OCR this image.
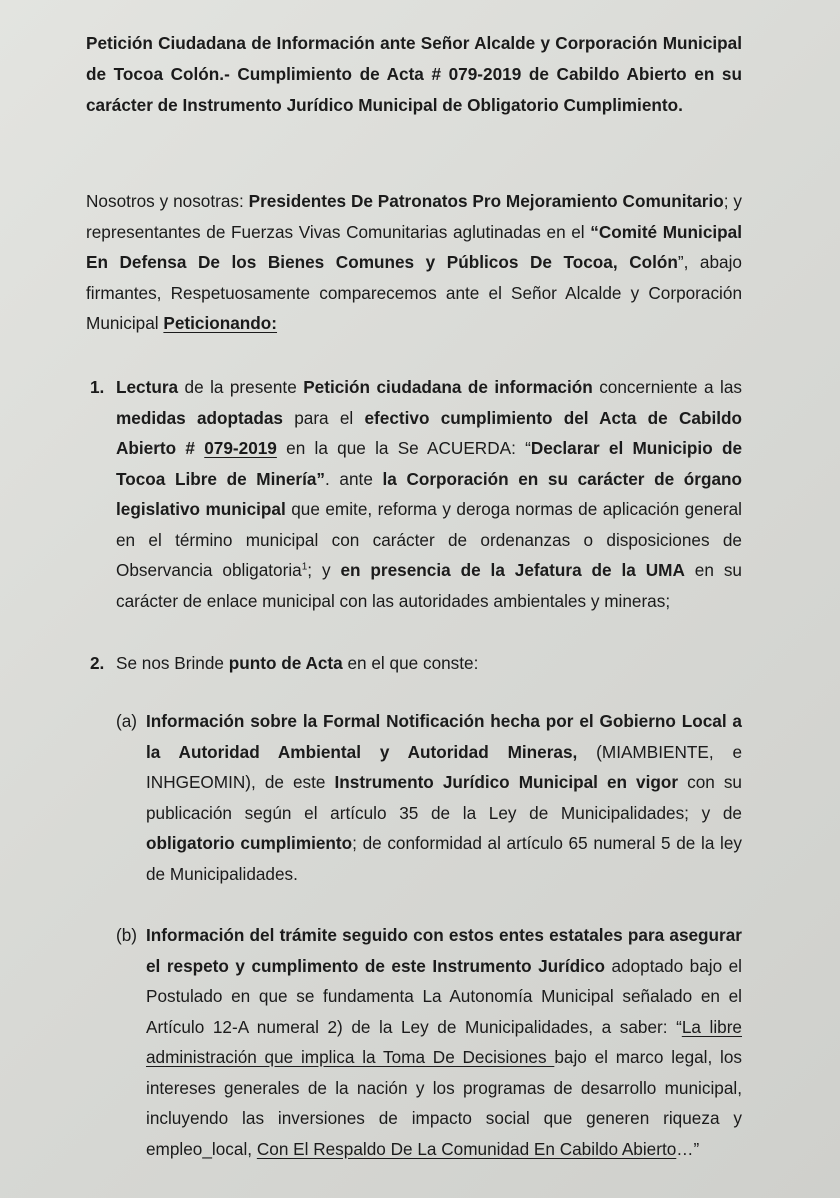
Petición Ciudadana de Información ante Señor Alcalde y Corporación Municipal de Tocoa Colón.- Cumplimiento de Acta # 079-2019 de Cabildo Abierto en su carácter de Instrumento Jurídico Municipal de Obligatorio Cumplimiento.
Nosotros y nosotras: Presidentes De Patronatos Pro Mejoramiento Comunitario; y representantes de Fuerzas Vivas Comunitarias aglutinadas en el “Comité Municipal En Defensa De los Bienes Comunes y Públicos De Tocoa, Colón”, abajo firmantes, Respetuosamente comparecemos ante el Señor Alcalde y Corporación Municipal Peticionando:
1. Lectura de la presente Petición ciudadana de información concerniente a las medidas adoptadas para el efectivo cumplimiento del Acta de Cabildo Abierto # 079-2019 en la que la Se ACUERDA: “Declarar el Municipio de Tocoa Libre de Minería”. ante la Corporación en su carácter de órgano legislativo municipal que emite, reforma y deroga normas de aplicación general en el término municipal con carácter de ordenanzas o disposiciones de Observancia obligatoria$^1$; y en presencia de la Jefatura de la UMA en su carácter de enlace municipal con las autoridades ambientales y mineras;
2. Se nos Brinde punto de Acta en el que conste:
(a) Información sobre la Formal Notificación hecha por el Gobierno Local a la Autoridad Ambiental y Autoridad Mineras, (MIAMBIENTE, e INHGEOMIN), de este Instrumento Jurídico Municipal en vigor con su publicación según el artículo 35 de la Ley de Municipalidades; y de obligatorio cumplimiento; de conformidad al artículo 65 numeral 5 de la ley de Municipalidades.
(b) Información del trámite seguido con estos entes estatales para asegurar el respeto y cumplimento de este Instrumento Jurídico adoptado bajo el Postulado en que se fundamenta La Autonomía Municipal señalado en el Artículo 12-A numeral 2) de la Ley de Municipalidades, a saber: “La libre administración que implica la Toma De Decisiones bajo el marco legal, los intereses generales de la nación y los programas de desarrollo municipal, incluyendo las inversiones de impacto social que generen riqueza y empleo_local, Con El Respaldo De La Comunidad En Cabildo Abierto…”
